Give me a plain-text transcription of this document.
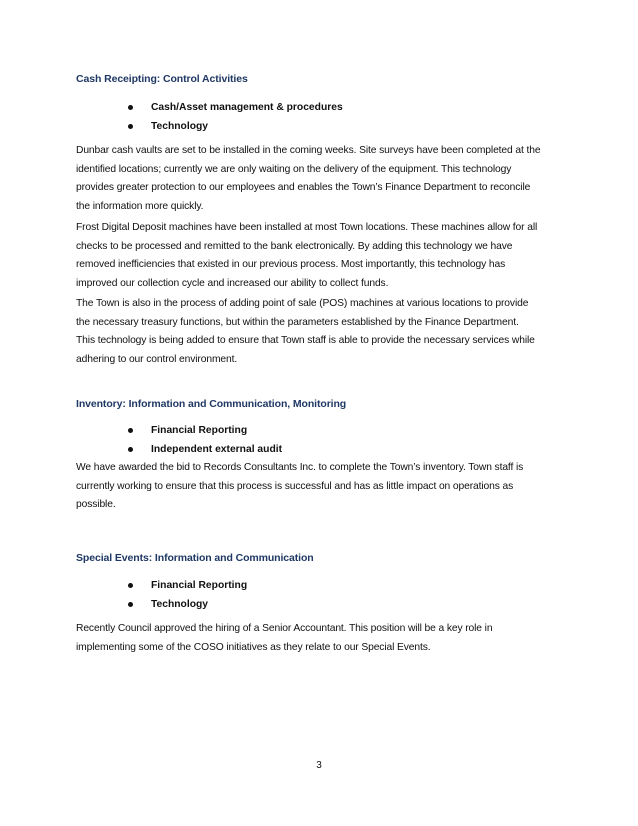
Cash Receipting: Control Activities
Cash/Asset management & procedures
Technology
Dunbar cash vaults are set to be installed in the coming weeks. Site surveys have been completed at the
identified locations; currently we are only waiting on the delivery of the equipment. This technology
provides greater protection to our employees and enables the Town’s Finance Department to reconcile
the information more quickly.
Frost Digital Deposit machines have been installed at most Town locations. These machines allow for all
checks to be processed and remitted to the bank electronically. By adding this technology we have
removed inefficiencies that existed in our previous process. Most importantly, this technology has
improved our collection cycle and increased our ability to collect funds.
The Town is also in the process of adding point of sale (POS) machines at various locations to provide
the necessary treasury functions, but within the parameters established by the Finance Department.
This technology is being added to ensure that Town staff is able to provide the necessary services while
adhering to our control environment.
Inventory: Information and Communication, Monitoring
Financial Reporting
Independent external audit
We have awarded the bid to Records Consultants Inc. to complete the Town’s inventory. Town staff is
currently working to ensure that this process is successful and has as little impact on operations as
possible.
Special Events: Information and Communication
Financial Reporting
Technology
Recently Council approved the hiring of a Senior Accountant. This position will be a key role in
implementing some of the COSO initiatives as they relate to our Special Events.
3
